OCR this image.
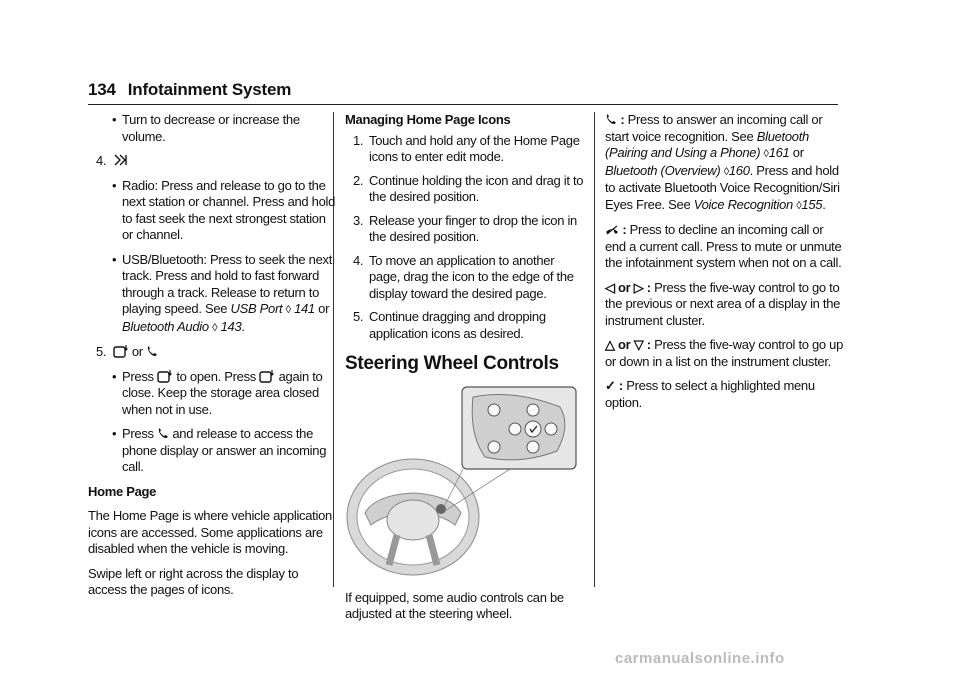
134 Infotainment System
• Turn to decrease or increase the volume.
4.
• Radio: Press and release to go to the next station or channel. Press and hold to fast seek the next strongest station or channel.
• USB/Bluetooth: Press to seek the next track. Press and hold to fast forward through a track. Release to return to playing speed. See USB Port ◊ 141 or
Bluetooth Audio ◊ 143.
5. or
• Press to open. Press again to close. Keep the storage area closed when not in use.
• Press and release to access the phone display or answer an incoming call.

Home Page

The Home Page is where vehicle application icons are accessed. Some applications are disabled when the vehicle is moving.

Swipe left or right across the display to access the pages of icons.

Managing Home Page Icons

1. Touch and hold any of the Home Page icons to enter edit mode.
2. Continue holding the icon and drag it to the desired position.
3. Release your finger to drop the icon in the desired position.
4. To move an application to another page, drag the icon to the edge of the display toward the desired page.
5. Continue dragging and dropping application icons as desired.
Steering Wheel Controls

If equipped, some audio controls can be adjusted at the steering wheel.

: Press to answer an incoming call or start voice recognition. See Bluetooth (Pairing and Using a Phone) ◊161 or Bluetooth (Overview) ◊160. Press and hold to activate Bluetooth Voice Recognition/Siri Eyes Free. See Voice Recognition ◊155.

: Press to decline an incoming call or end a current call. Press to mute or unmute the infotainment system when not on a call.

◁ or ▷ : Press the five-way control to go to the previous or next area of a display in the instrument cluster.

△ or ▽ : Press the five-way control to go up or down in a list on the instrument cluster.

✓ : Press to select a highlighted menu option.

carmanualsonline.info
